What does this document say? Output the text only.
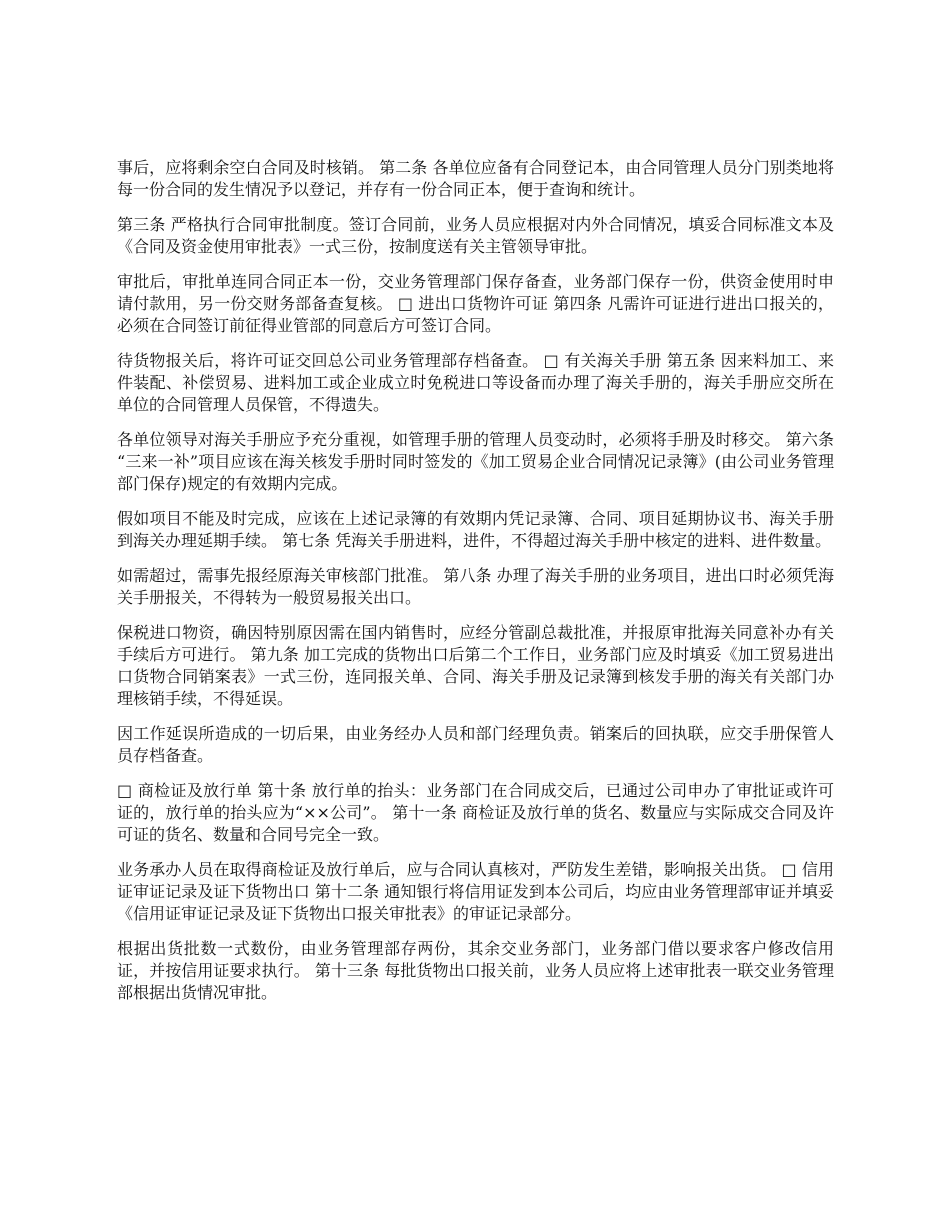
事后，应将剩余空白合同及时核销。 第二条 各单位应备有合同登记本，由合同管理人员分门别类地将每一份合同的发生情况予以登记，并存有一份合同正本，便于查询和统计。

第三条 严格执行合同审批制度。签订合同前，业务人员应根据对内外合同情况，填妥合同标准文本及《合同及资金使用审批表》一式三份，按制度送有关主管领导审批。

审批后，审批单连同合同正本一份，交业务管理部门保存备查，业务部门保存一份，供资金使用时申请付款用，另一份交财务部备查复核。 □ 进出口货物许可证 第四条 凡需许可证进行进出口报关的，必须在合同签订前征得业管部的同意后方可签订合同。

待货物报关后，将许可证交回总公司业务管理部存档备查。 □ 有关海关手册 第五条 因来料加工、来件装配、补偿贸易、进料加工或企业成立时免税进口等设备而办理了海关手册的，海关手册应交所在单位的合同管理人员保管，不得遗失。

各单位领导对海关手册应予充分重视，如管理手册的管理人员变动时，必须将手册及时移交。 第六条 “三来一补”项目应该在海关核发手册时同时签发的《加工贸易企业合同情况记录簿》(由公司业务管理部门保存)规定的有效期内完成。

假如项目不能及时完成，应该在上述记录簿的有效期内凭记录簿、合同、项目延期协议书、海关手册到海关办理延期手续。 第七条 凭海关手册进料，进件，不得超过海关手册中核定的进料、进件数量。

如需超过，需事先报经原海关审核部门批准。 第八条 办理了海关手册的业务项目，进出口时必须凭海关手册报关，不得转为一般贸易报关出口。

保税进口物资，确因特别原因需在国内销售时，应经分管副总裁批准，并报原审批海关同意补办有关手续后方可进行。 第九条 加工完成的货物出口后第二个工作日，业务部门应及时填妥《加工贸易进出口货物合同销案表》一式三份，连同报关单、合同、海关手册及记录簿到核发手册的海关有关部门办理核销手续，不得延误。

因工作延误所造成的一切后果，由业务经办人员和部门经理负责。销案后的回执联，应交手册保管人员存档备查。

□ 商检证及放行单 第十条 放行单的抬头：业务部门在合同成交后，已通过公司申办了审批证或许可证的，放行单的抬头应为“××公司”。 第十一条 商检证及放行单的货名、数量应与实际成交合同及许可证的货名、数量和合同号完全一致。

业务承办人员在取得商检证及放行单后，应与合同认真核对，严防发生差错，影响报关出货。 □ 信用证审证记录及证下货物出口 第十二条 通知银行将信用证发到本公司后，均应由业务管理部审证并填妥《信用证审证记录及证下货物出口报关审批表》的审证记录部分。

根据出货批数一式数份，由业务管理部存两份，其余交业务部门，业务部门借以要求客户修改信用证，并按信用证要求执行。 第十三条 每批货物出口报关前，业务人员应将上述审批表一联交业务管理部根据出货情况审批。
